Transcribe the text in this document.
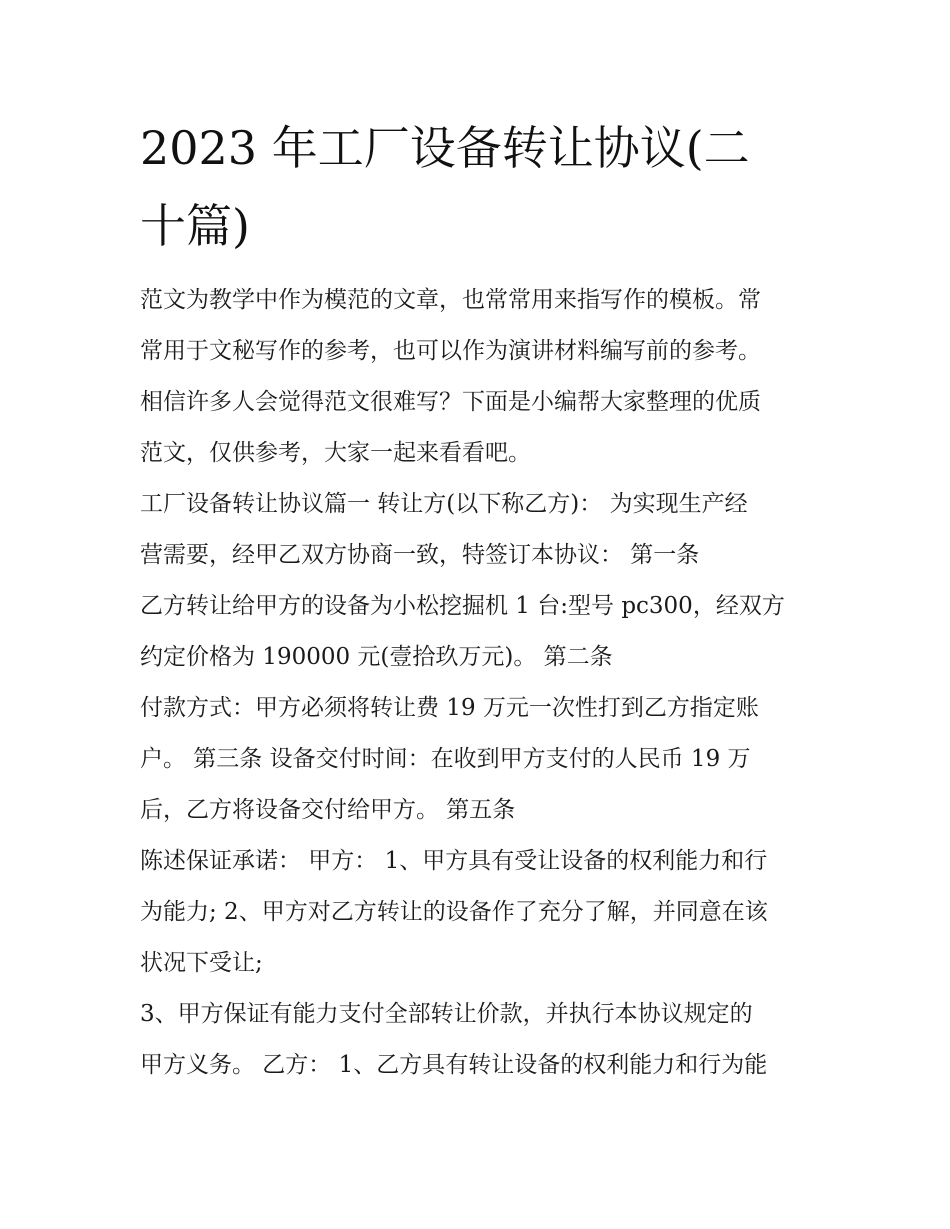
2023 年工厂设备转让协议(二
十篇)
范文为教学中作为模范的文章，也常常用来指写作的模板。常
常用于文秘写作的参考，也可以作为演讲材料编写前的参考。
相信许多人会觉得范文很难写？下面是小编帮大家整理的优质
范文，仅供参考，大家一起来看看吧。
工厂设备转让协议篇一 转让方(以下称乙方)： 为实现生产经
营需要，经甲乙双方协商一致，特签订本协议： 第一条
乙方转让给甲方的设备为小松挖掘机 1 台:型号 pc300，经双方
约定价格为 190000 元(壹拾玖万元)。 第二条
付款方式：甲方必须将转让费 19 万元一次性打到乙方指定账
户。 第三条 设备交付时间：在收到甲方支付的人民币 19 万
后，乙方将设备交付给甲方。 第五条
陈述保证承诺： 甲方： 1、甲方具有受让设备的权利能力和行
为能力; 2、甲方对乙方转让的设备作了充分了解，并同意在该
状况下受让;
3、甲方保证有能力支付全部转让价款，并执行本协议规定的
甲方义务。 乙方： 1、乙方具有转让设备的权利能力和行为能
